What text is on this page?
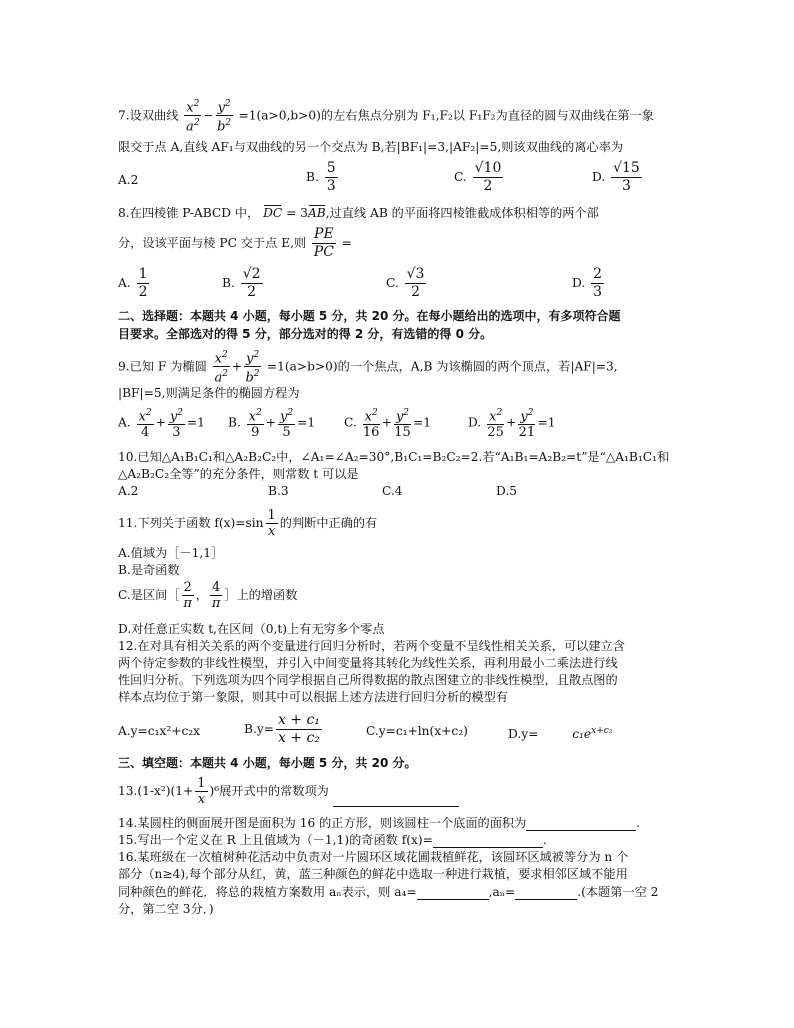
7.设双曲线 $\frac{x^2}{a^2} - \frac{y^2}{b^2} =1(a>0,b>0)$的左右焦点分别为 F₁,F₂以 F₁F₂为直径的圆与双曲线在第一象
限交于点 A,直线 AF₁与双曲线的另一个交点为 B,若|BF₁|=3,|AF₂|=5,则该双曲线的离心率为
A.2	B. $\frac{5}{3}$	C. $\frac{√10}{2}$	D. $\frac{√15}{3}$
8.在四棱锥 P-ABCD 中， DC = 3AB,过直线 AB 的平面将四棱锥截成体积相等的两个部
分，设该平面与棱 PC 交于点 E,则 $\frac{PE}{PC}$ =
A. $\frac{1}{2}$	B. $\frac{√2}{2}$	C. $\frac{√3}{2}$	D. $\frac{2}{3}$
二、选择题：本题共 4 小题，每小题 5 分，共 20 分。在每小题给出的选项中，有多项符合题
目要求。全部选对的得 5 分，部分选对的得 2 分，有选错的得 0 分。
9.已知 F 为椭圆 $\frac{x^2}{a^2} + \frac{y^2}{b^2} =1(a>b>0)$的一个焦点，A,B 为该椭圆的两个顶点，若|AF|=3,
|BF|=5,则满足条件的椭圆方程为
A. $\frac{x^2}{4} + \frac{y^2}{3} =1$ B. $\frac{x^2}{9} + \frac{y^2}{5} =1$ C. $\frac{x^2}{16} + \frac{y^2}{15} =1$	D. $\frac{x^2}{25} + \frac{y^2}{21} =1$
10.已知△A₁B₁C₁和△A₂B₂C₂中，∠A₁=∠A₂=30°,B₁C₁=B₂C₂=2.若“A₁B₁=A₂B₂=t”是“△A₁B₁C₁和
△A₂B₂C₂全等”的充分条件，则常数 t 可以是
A.2	B.3	C.4	D.5
11.下列关于函数 $f(x)=\sin \frac{1}{x}$ 的判断中正确的有
A.值域为［－1,1］
B.是奇函数
C.是区间［ $\frac{2}{\pi}$ ， $\frac{4}{\pi}$ ］上的增函数
D.对任意正实数 t,在区间（0,t)上有无穷多个零点
12.在对具有相关关系的两个变量进行回归分析时，若两个变量不呈线性相关关系，可以建立含
两个待定参数的非线性模型，并引入中间变量将其转化为线性关系，再利用最小二乘法进行线
性回归分析。下列选项为四个同学根据自己所得数据的散点图建立的非线性模型，且散点图的
样本点均位于第一象限，则其中可以根据上述方法进行回归分析的模型有
A.y=c₁x²+c₂x	$B.y= \frac{\text{x + c₁}}{\text{x + c₂}}$	C.y=c₁+ln(x+c₂)	D.y=	$c_1e^{x+c_2}$
三、填空题：本题共 4 小题，每小题 5 分，共 20 分。
$13.(1-x^2)(1+ \frac{1}{x} )^6$展开式中的常数项为
14.某圆柱的侧面展开图是面积为 16 的正方形，则该圆柱一个底面的面积为	.
15.写出一个定义在 R 上且值域为（－1,1)的奇函数 f(x)=	.
16.某班级在一次植树种花活动中负责对一片圆环区域花圃栽植鲜花，该圆环区域被等分为 n 个
部分（n≥4),每个部分从红，黄，蓝三种颜色的鲜花中选取一种进行栽植，要求相邻区域不能用
同种颜色的鲜花．将总的栽植方案数用 aₙ表示，则 a₄=	,aₙ=	.(本题第一空 2
分，第二空 3分．)
